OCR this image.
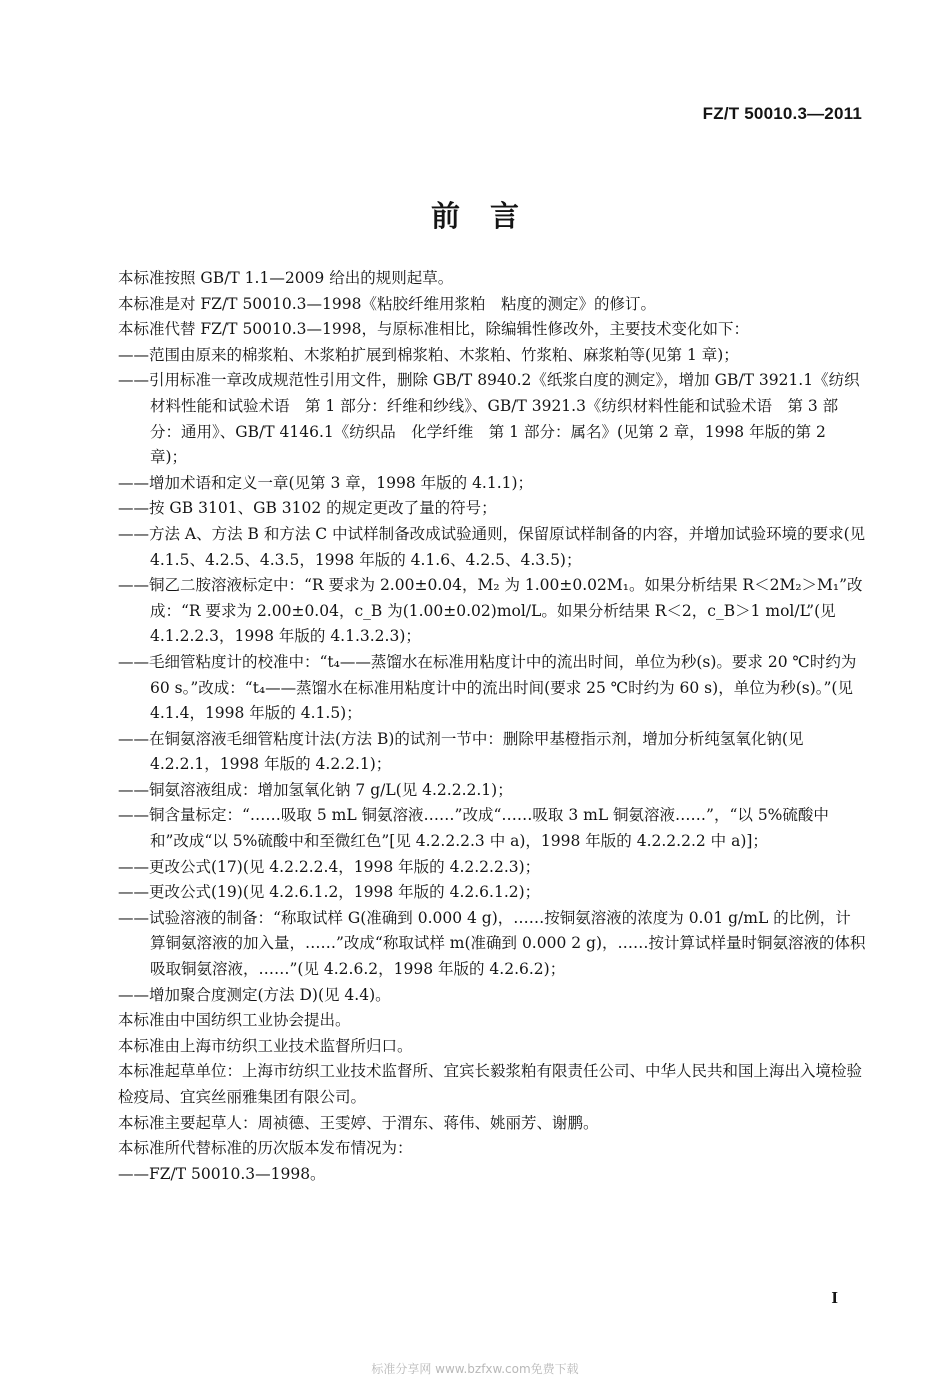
FZ/T 50010.3—2011
前言

本标准按照 GB/T 1.1—2009 给出的规则起草。

本标准是对 FZ/T 50010.3—1998《粘胶纤维用浆粕　粘度的测定》的修订。

本标准代替 FZ/T 50010.3—1998，与原标准相比，除编辑性修改外，主要技术变化如下：

——范围由原来的棉浆粕、木浆粕扩展到棉浆粕、木浆粕、竹浆粕、麻浆粕等(见第 1 章)；

——引用标准一章改成规范性引用文件，删除 GB/T 8940.2《纸浆白度的测定》，增加 GB/T 3921.1《纺织材料性能和试验术语　第 1 部分：纤维和纱线》、GB/T 3921.3《纺织材料性能和试验术语　第 3 部分：通用》、GB/T 4146.1《纺织品　化学纤维　第 1 部分：属名》(见第 2 章，1998 年版的第 2 章)；

——增加术语和定义一章(见第 3 章，1998 年版的 4.1.1)；

——按 GB 3101、GB 3102 的规定更改了量的符号；

——方法 A、方法 B 和方法 C 中试样制备改成试验通则，保留原试样制备的内容，并增加试验环境的要求(见 4.1.5、4.2.5、4.3.5，1998 年版的 4.1.6、4.2.5、4.3.5)；

——铜乙二胺溶液标定中：“R 要求为 2.00±0.04，M₂ 为 1.00±0.02M₁。如果分析结果 R＜2M₂＞M₁”改成：“R 要求为 2.00±0.04，c_B 为(1.00±0.02)mol/L。如果分析结果 R＜2，c_B＞1 mol/L”(见 4.1.2.2.3，1998 年版的 4.1.3.2.3)；

——毛细管粘度计的校准中：“t₄——蒸馏水在标准用粘度计中的流出时间，单位为秒(s)。要求 20 ℃时约为 60 s。”改成：“t₄——蒸馏水在标准用粘度计中的流出时间(要求 25 ℃时约为 60 s)，单位为秒(s)。”(见 4.1.4，1998 年版的 4.1.5)；

——在铜氨溶液毛细管粘度计法(方法 B)的试剂一节中：删除甲基橙指示剂，增加分析纯氢氧化钠(见 4.2.2.1，1998 年版的 4.2.2.1)；

——铜氨溶液组成：增加氢氧化钠 7 g/L(见 4.2.2.2.1)；

——铜含量标定：“……吸取 5 mL 铜氨溶液……”改成“……吸取 3 mL 铜氨溶液……”，“以 5%硫酸中和”改成“以 5%硫酸中和至微红色”[见 4.2.2.2.3 中 a)，1998 年版的 4.2.2.2.2 中 a)]；

——更改公式(17)(见 4.2.2.2.4，1998 年版的 4.2.2.2.3)；

——更改公式(19)(见 4.2.6.1.2，1998 年版的 4.2.6.1.2)；

——试验溶液的制备：“称取试样 G(准确到 0.000 4 g)，……按铜氨溶液的浓度为 0.01 g/mL 的比例，计算铜氨溶液的加入量，……”改成“称取试样 m(准确到 0.000 2 g)，……按计算试样量时铜氨溶液的体积吸取铜氨溶液，……”(见 4.2.6.2，1998 年版的 4.2.6.2)；

——增加聚合度测定(方法 D)(见 4.4)。

本标准由中国纺织工业协会提出。

本标准由上海市纺织工业技术监督所归口。

本标准起草单位：上海市纺织工业技术监督所、宜宾长毅浆粕有限责任公司、中华人民共和国上海出入境检验检疫局、宜宾丝丽雅集团有限公司。

本标准主要起草人：周祯德、王雯婷、于渭东、蒋伟、姚丽芳、谢鹏。

本标准所代替标准的历次版本发布情况为：

——FZ/T 50010.3—1998。

I
标准分享网 www.bzfxw.com免费下载
